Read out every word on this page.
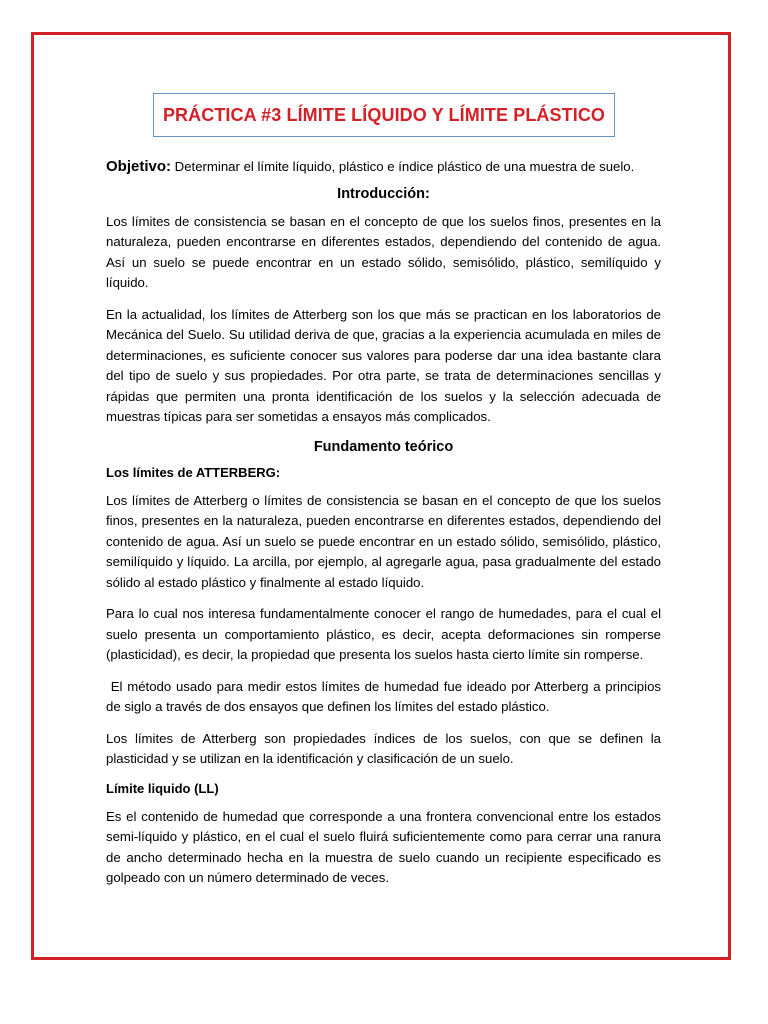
PRÁCTICA #3 LÍMITE LÍQUIDO Y LÍMITE PLÁSTICO

Objetivo: Determinar el límite líquido, plástico e índice plástico de una muestra de suelo.

Introducción:

Los límites de consistencia se basan en el concepto de que los suelos finos, presentes en la naturaleza, pueden encontrarse en diferentes estados, dependiendo del contenido de agua. Así un suelo se puede encontrar en un estado sólido, semisólido, plástico, semilíquido y líquido.

En la actualidad, los límites de Atterberg son los que más se practican en los laboratorios de Mecánica del Suelo. Su utilidad deriva de que, gracias a la experiencia acumulada en miles de determinaciones, es suficiente conocer sus valores para poderse dar una idea bastante clara del tipo de suelo y sus propiedades. Por otra parte, se trata de determinaciones sencillas y rápidas que permiten una pronta identificación de los suelos y la selección adecuada de muestras típicas para ser sometidas a ensayos más complicados.

Fundamento teórico
Los límites de ATTERBERG:

Los límites de Atterberg o límites de consistencia se basan en el concepto de que los suelos finos, presentes en la naturaleza, pueden encontrarse en diferentes estados, dependiendo del contenido de agua. Así un suelo se puede encontrar en un estado sólido, semisólido, plástico, semilíquido y líquido. La arcilla, por ejemplo, al agregarle agua, pasa gradualmente del estado sólido al estado plástico y finalmente al estado líquido.

Para lo cual nos interesa fundamentalmente conocer el rango de humedades, para el cual el suelo presenta un comportamiento plástico, es decir, acepta deformaciones sin romperse (plasticidad), es decir, la propiedad que presenta los suelos hasta cierto límite sin romperse.

El método usado para medir estos límites de humedad fue ideado por Atterberg a principios de siglo a través de dos ensayos que definen los límites del estado plástico.

Los límites de Atterberg son propiedades índices de los suelos, con que se definen la plasticidad y se utilizan en la identificación y clasificación de un suelo.

Límite liquido (LL)

Es el contenido de humedad que corresponde a una frontera convencional entre los estados semi-líquido y plástico, en el cual el suelo fluirá suficientemente como para cerrar una ranura de ancho determinado hecha en la muestra de suelo cuando un recipiente especificado es golpeado con un número determinado de veces.
